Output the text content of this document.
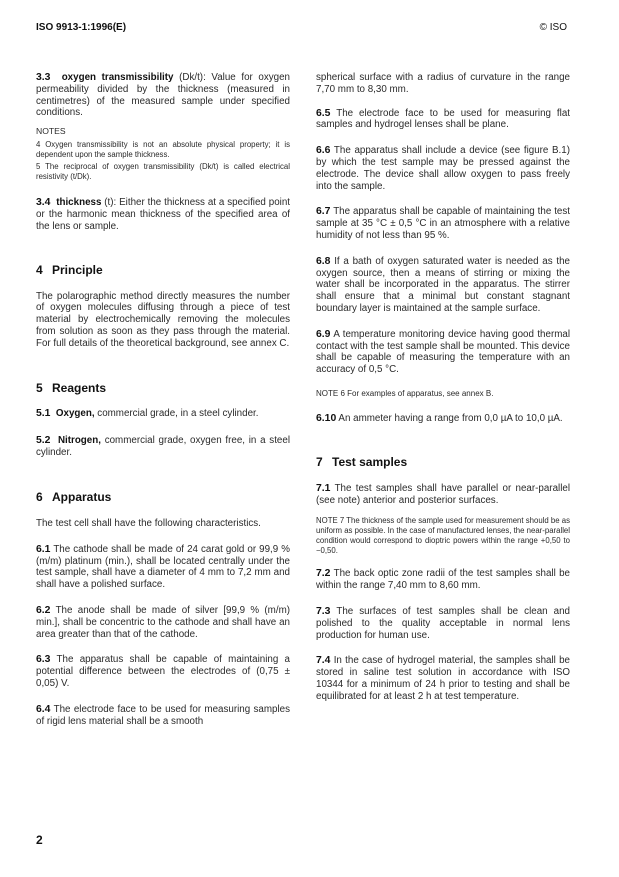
ISO 9913-1:1996(E)	© ISO

3.3 oxygen transmissibility (Dk/t): Value for oxygen permeability divided by the thickness (measured in centimetres) of the measured sample under specified conditions.

NOTES

4 Oxygen transmissibility is not an absolute physical property; it is dependent upon the sample thickness.

5 The reciprocal of oxygen transmissibility (Dk/t) is called electrical resistivity (t/Dk).

3.4 thickness (t): Either the thickness at a specified point or the harmonic mean thickness of the specified area of the lens or sample.

4 Principle

The polarographic method directly measures the number of oxygen molecules diffusing through a piece of test material by electrochemically removing the molecules from solution as soon as they pass through the material. For full details of the theoretical background, see annex C.

5 Reagents

5.1 Oxygen, commercial grade, in a steel cylinder.

5.2 Nitrogen, commercial grade, oxygen free, in a steel cylinder.

6 Apparatus

The test cell shall have the following characteristics.

6.1 The cathode shall be made of 24 carat gold or 99,9 % (m/m) platinum (min.), shall be located centrally under the test sample, shall have a diameter of 4 mm to 7,2 mm and shall have a polished surface.

6.2 The anode shall be made of silver [99,9 % (m/m) min.], shall be concentric to the cathode and shall have an area greater than that of the cathode.

6.3 The apparatus shall be capable of maintaining a potential difference between the electrodes of (0,75 ± 0,05) V.

6.4 The electrode face to be used for measuring samples of rigid lens material shall be a smooth

spherical surface with a radius of curvature in the range 7,70 mm to 8,30 mm.

6.5 The electrode face to be used for measuring flat samples and hydrogel lenses shall be plane.

6.6 The apparatus shall include a device (see figure B.1) by which the test sample may be pressed against the electrode. The device shall allow oxygen to pass freely into the sample.

6.7 The apparatus shall be capable of maintaining the test sample at 35 °C ± 0,5 °C in an atmosphere with a relative humidity of not less than 95 %.

6.8 If a bath of oxygen saturated water is needed as the oxygen source, then a means of stirring or mixing the water shall be incorporated in the apparatus. The stirrer shall ensure that a minimal but constant stagnant boundary layer is maintained at the sample surface.

6.9 A temperature monitoring device having good thermal contact with the test sample shall be mounted. This device shall be capable of measuring the temperature with an accuracy of 0,5 °C.

NOTE 6 For examples of apparatus, see annex B.

6.10 An ammeter having a range from 0,0 µA to 10,0 µA.

7 Test samples

7.1 The test samples shall have parallel or near-parallel (see note) anterior and posterior surfaces.

NOTE 7 The thickness of the sample used for measurement should be as uniform as possible. In the case of manufactured lenses, the near-parallel condition would correspond to dioptric powers within the range +0,50 to −0,50.

7.2 The back optic zone radii of the test samples shall be within the range 7,40 mm to 8,60 mm.

7.3 The surfaces of test samples shall be clean and polished to the quality acceptable in normal lens production for human use.

7.4 In the case of hydrogel material, the samples shall be stored in saline test solution in accordance with ISO 10344 for a minimum of 24 h prior to testing and shall be equilibrated for at least 2 h at test temperature.

2
